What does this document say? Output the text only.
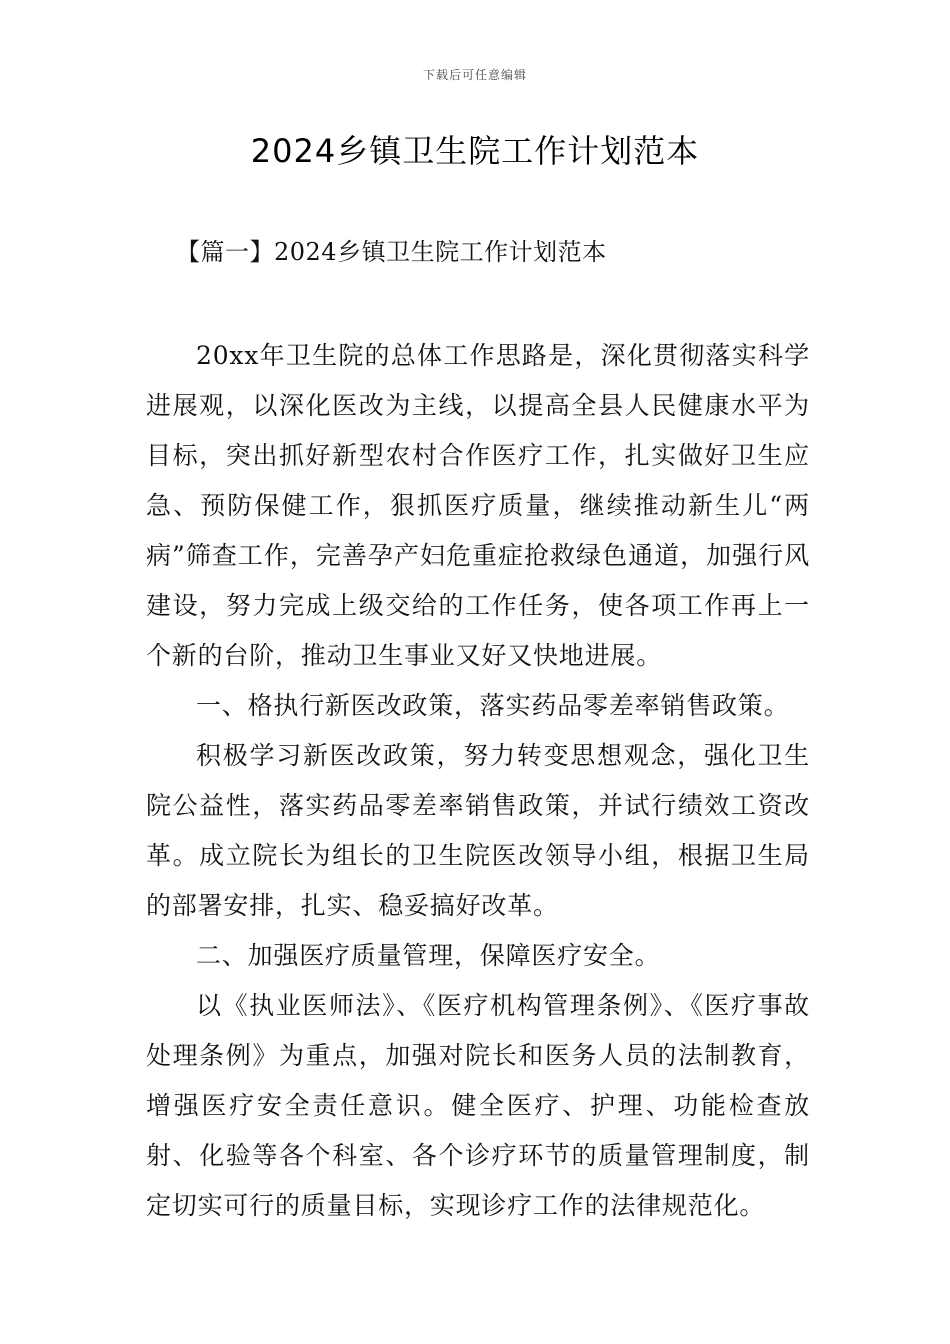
下载后可任意编辑
2024乡镇卫生院工作计划范本
【篇一】2024乡镇卫生院工作计划范本

20xx年卫生院的总体工作思路是，深化贯彻落实科学进展观，以深化医改为主线，以提高全县人民健康水平为目标，突出抓好新型农村合作医疗工作，扎实做好卫生应急、预防保健工作，狠抓医疗质量，继续推动新生儿“两病”筛查工作，完善孕产妇危重症抢救绿色通道，加强行风建设，努力完成上级交给的工作任务，使各项工作再上一个新的台阶，推动卫生事业又好又快地进展。

一、格执行新医改政策，落实药品零差率销售政策。

积极学习新医改政策，努力转变思想观念，强化卫生院公益性，落实药品零差率销售政策，并试行绩效工资改革。成立院长为组长的卫生院医改领导小组，根据卫生局的部署安排，扎实、稳妥搞好改革。

二、加强医疗质量管理，保障医疗安全。

以《执业医师法》、《医疗机构管理条例》、《医疗事故处理条例》为重点，加强对院长和医务人员的法制教育，增强医疗安全责任意识。健全医疗、护理、功能检查放射、化验等各个科室、各个诊疗环节的质量管理制度，制定切实可行的质量目标，实现诊疗工作的法律规范化。
